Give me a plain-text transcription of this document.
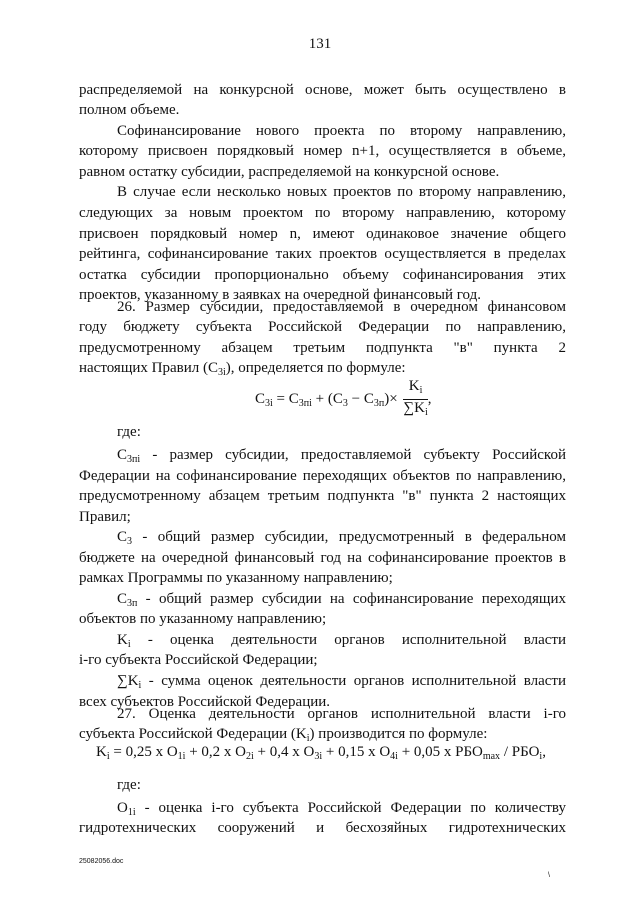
131

распределяемой на конкурсной основе, может быть осуществлено в

полном объеме.

Софинансирование нового проекта по второму направлению,

которому присвоен порядковый номер n+1, осуществляется в объеме,

равном остатку субсидии, распределяемой на конкурсной основе.

В случае если несколько новых проектов по второму направлению,

следующих за новым проектом по второму направлению, которому

присвоен порядковый номер n, имеют одинаковое значение общего

рейтинга, софинансирование таких проектов осуществляется в пределах

остатка субсидии пропорционально объему софинансирования этих

проектов, указанному в заявках на очередной финансовый год.

26. Размер субсидии, предоставляемой в очередном финансовом

году бюджету субъекта Российской Федерации по направлению,

предусмотренному абзацем третьим подпункта "в" пункта 2

настоящих Правил $(C_{3i})$, определяется по формуле:

$C_{3i} = C_{3пі} + (C_3 - C_{3п})\times \frac{K_i}{\sum K_i}$ ,

где:

$C_{3пі}$ - размер субсидии, предоставляемой субъекту Российской

Федерации на софинансирование переходящих объектов по направлению,

предусмотренному абзацем третьим подпункта "в" пункта 2 настоящих

Правил;

$C_3$ - общий размер субсидии, предусмотренный в федеральном

бюджете на очередной финансовый год на софинансирование проектов в

рамках Программы по указанному направлению;

$C_{3п}$ - общий размер субсидии на софинансирование переходящих

объектов по указанному направлению;

$K_i$ - оценка деятельности органов исполнительной власти

i-го субъекта Российской Федерации;

$\sum K_i$ - сумма оценок деятельности органов исполнительной власти

всех субъектов Российской Федерации.

27. Оценка деятельности органов исполнительной власти i-го

субъекта Российской Федерации $(K_i)$ производится по формуле:

$K_i = 0,25$ x $O_{1i} + 0,2$ x $O_{2i} + 0,4$ x $O_{3i} + 0,15$ x $O_{4i} + 0,05$ x $РБО_{max} / РБО_i$,

где:

$O_{1i}$ - оценка i-го субъекта Российской Федерации по количеству

гидротехнических сооружений и бесхозяйных гидротехнических

25082056.doc
\
